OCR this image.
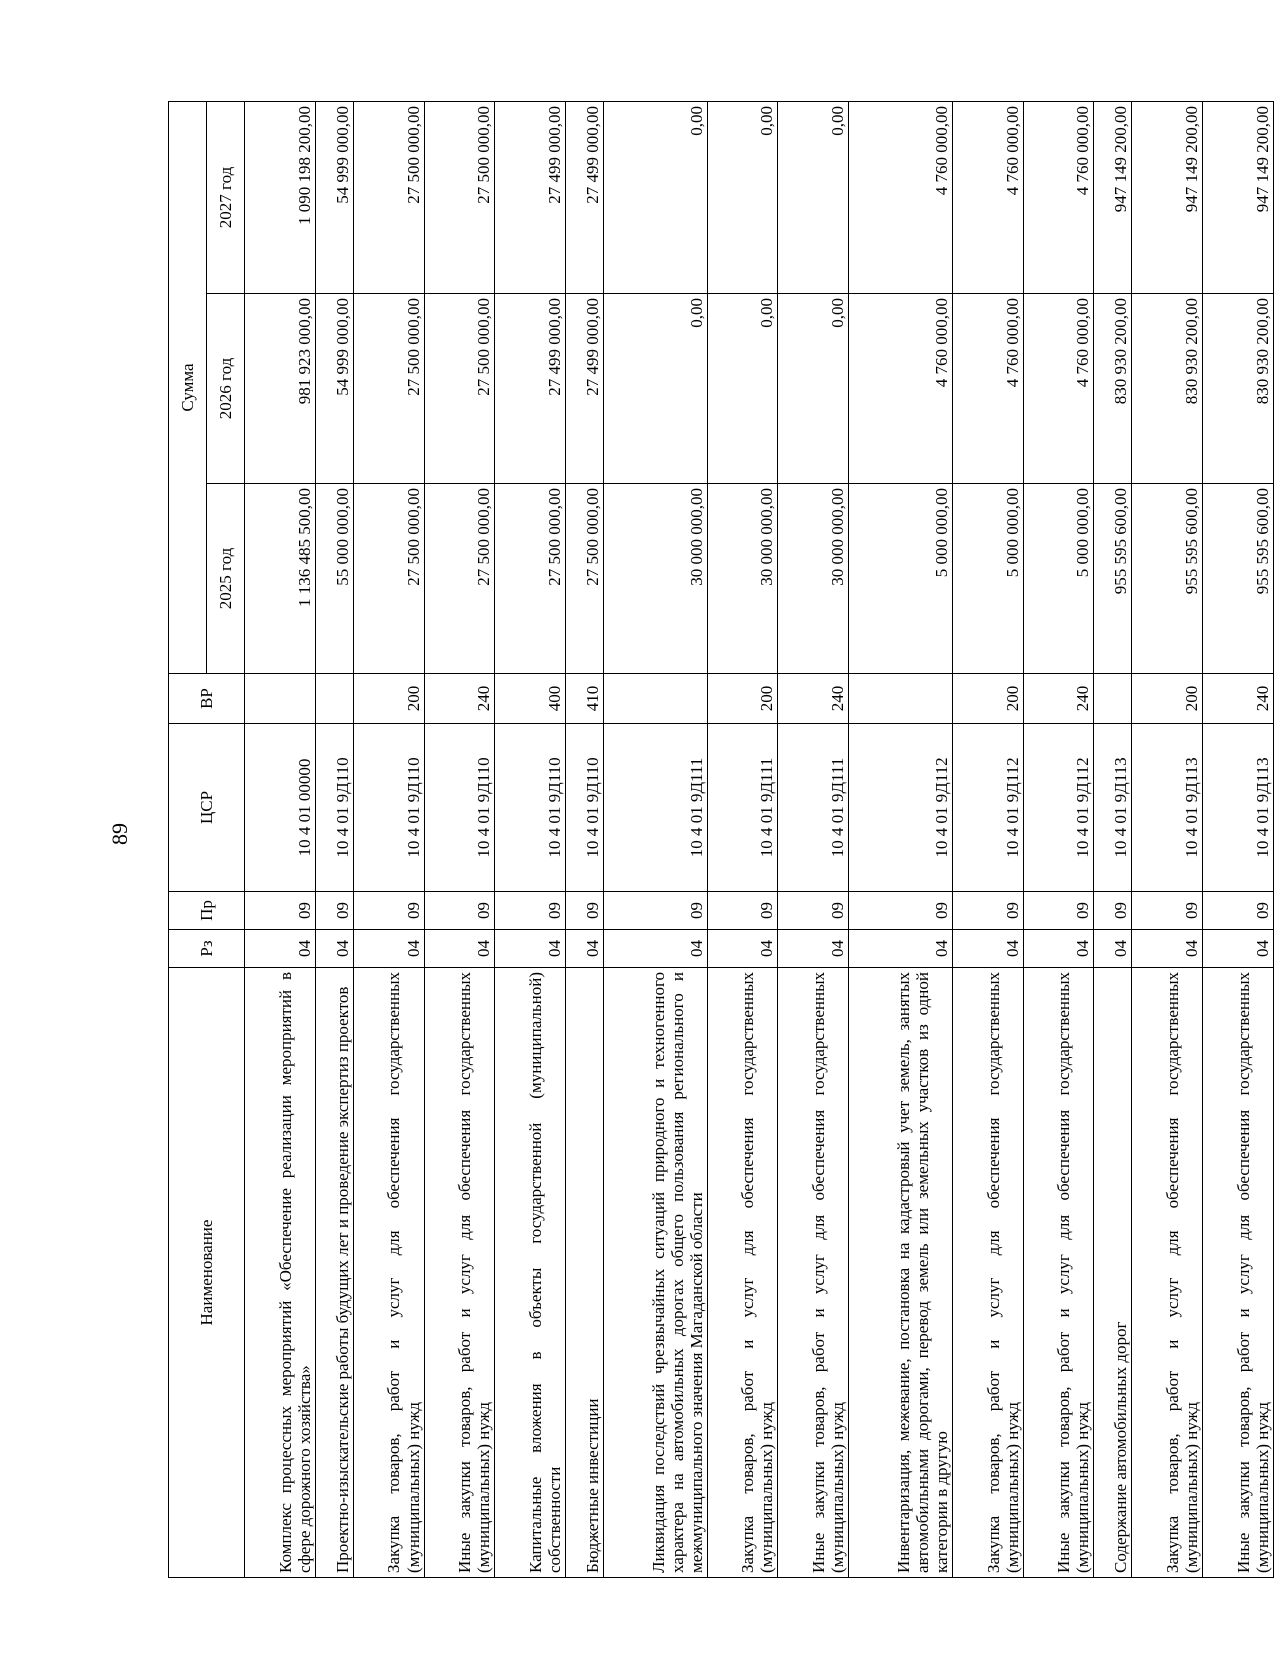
89
Наименование	Рз	Пр	ЦСР	ВР	Сумма		
					2025 год	2026 год	2027 год
Комплекс процессных мероприятий «Обеспечение реализации мероприятий в сфере дорожного хозяйства»	04	09	10 4 01 00000		1 136 485 500,00	981 923 000,00	1 090 198 200,00
Проектно-изыскательские работы будущих лет и проведение экспертиз проектов	04	09	10 4 01 9Д110		55 000 000,00	54 999 000,00	54 999 000,00
Закупка товаров, работ и услуг для обеспечения государственных (муниципальных) нужд	04	09	10 4 01 9Д110	200	27 500 000,00	27 500 000,00	27 500 000,00
Иные закупки товаров, работ и услуг для обеспечения государственных (муниципальных) нужд	04	09	10 4 01 9Д110	240	27 500 000,00	27 500 000,00	27 500 000,00
Капитальные вложения в объекты государственной (муниципальной) собственности	04	09	10 4 01 9Д110	400	27 500 000,00	27 499 000,00	27 499 000,00
Бюджетные инвестиции	04	09	10 4 01 9Д110	410	27 500 000,00	27 499 000,00	27 499 000,00
Ликвидация последствий чрезвычайных ситуаций природного и техногенного характера на автомобильных дорогах общего пользования регионального и межмуниципального значения Магаданской области	04	09	10 4 01 9Д111		30 000 000,00	0,00	0,00
Закупка товаров, работ и услуг для обеспечения государственных (муниципальных) нужд	04	09	10 4 01 9Д111	200	30 000 000,00	0,00	0,00
Иные закупки товаров, работ и услуг для обеспечения государственных (муниципальных) нужд	04	09	10 4 01 9Д111	240	30 000 000,00	0,00	0,00
Инвентаризация, межевание, постановка на кадастровый учет земель, занятых автомобильными дорогами, перевод земель или земельных участков из одной категории в другую	04	09	10 4 01 9Д112		5 000 000,00	4 760 000,00	4 760 000,00
Закупка товаров, работ и услуг для обеспечения государственных (муниципальных) нужд	04	09	10 4 01 9Д112	200	5 000 000,00	4 760 000,00	4 760 000,00
Иные закупки товаров, работ и услуг для обеспечения государственных (муниципальных) нужд	04	09	10 4 01 9Д112	240	5 000 000,00	4 760 000,00	4 760 000,00
Содержание автомобильных дорог	04	09	10 4 01 9Д113		955 595 600,00	830 930 200,00	947 149 200,00
Закупка товаров, работ и услуг для обеспечения государственных (муниципальных) нужд	04	09	10 4 01 9Д113	200	955 595 600,00	830 930 200,00	947 149 200,00
Иные закупки товаров, работ и услуг для обеспечения государственных (муниципальных) нужд	04	09	10 4 01 9Д113	240	955 595 600,00	830 930 200,00	947 149 200,00
